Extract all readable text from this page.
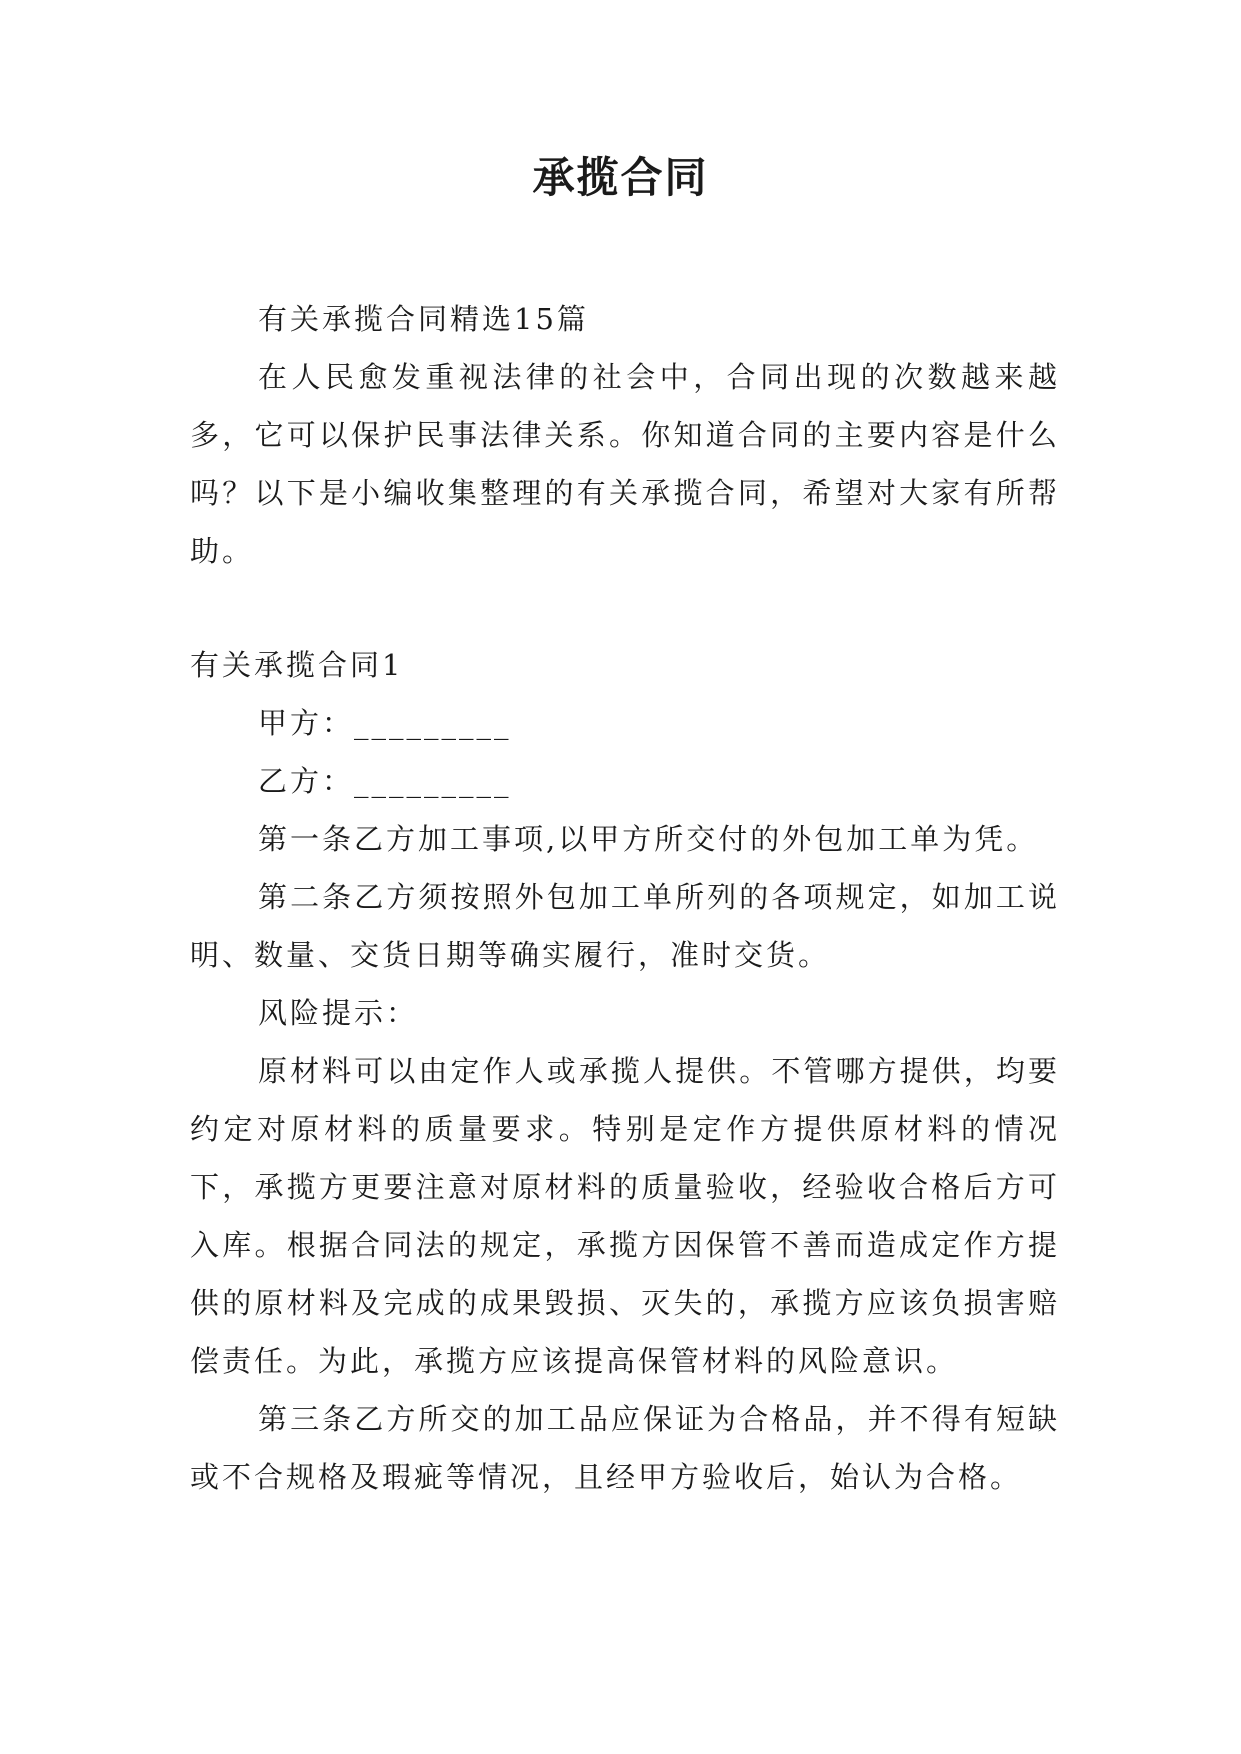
承揽合同

有关承揽合同精选15篇

在人民愈发重视法律的社会中，合同出现的次数越来越多，它可以保护民事法律关系。你知道合同的主要内容是什么吗？以下是小编收集整理的有关承揽合同，希望对大家有所帮助。

有关承揽合同1

甲方：_________

乙方：_________

第一条乙方加工事项,以甲方所交付的外包加工单为凭。

第二条乙方须按照外包加工单所列的各项规定，如加工说明、数量、交货日期等确实履行，准时交货。

风险提示：

原材料可以由定作人或承揽人提供。不管哪方提供，均要约定对原材料的质量要求。特别是定作方提供原材料的情况下，承揽方更要注意对原材料的质量验收，经验收合格后方可入库。根据合同法的规定，承揽方因保管不善而造成定作方提供的原材料及完成的成果毁损、灭失的，承揽方应该负损害赔偿责任。为此，承揽方应该提高保管材料的风险意识。

第三条乙方所交的加工品应保证为合格品，并不得有短缺或不合规格及瑕疵等情况，且经甲方验收后，始认为合格。
